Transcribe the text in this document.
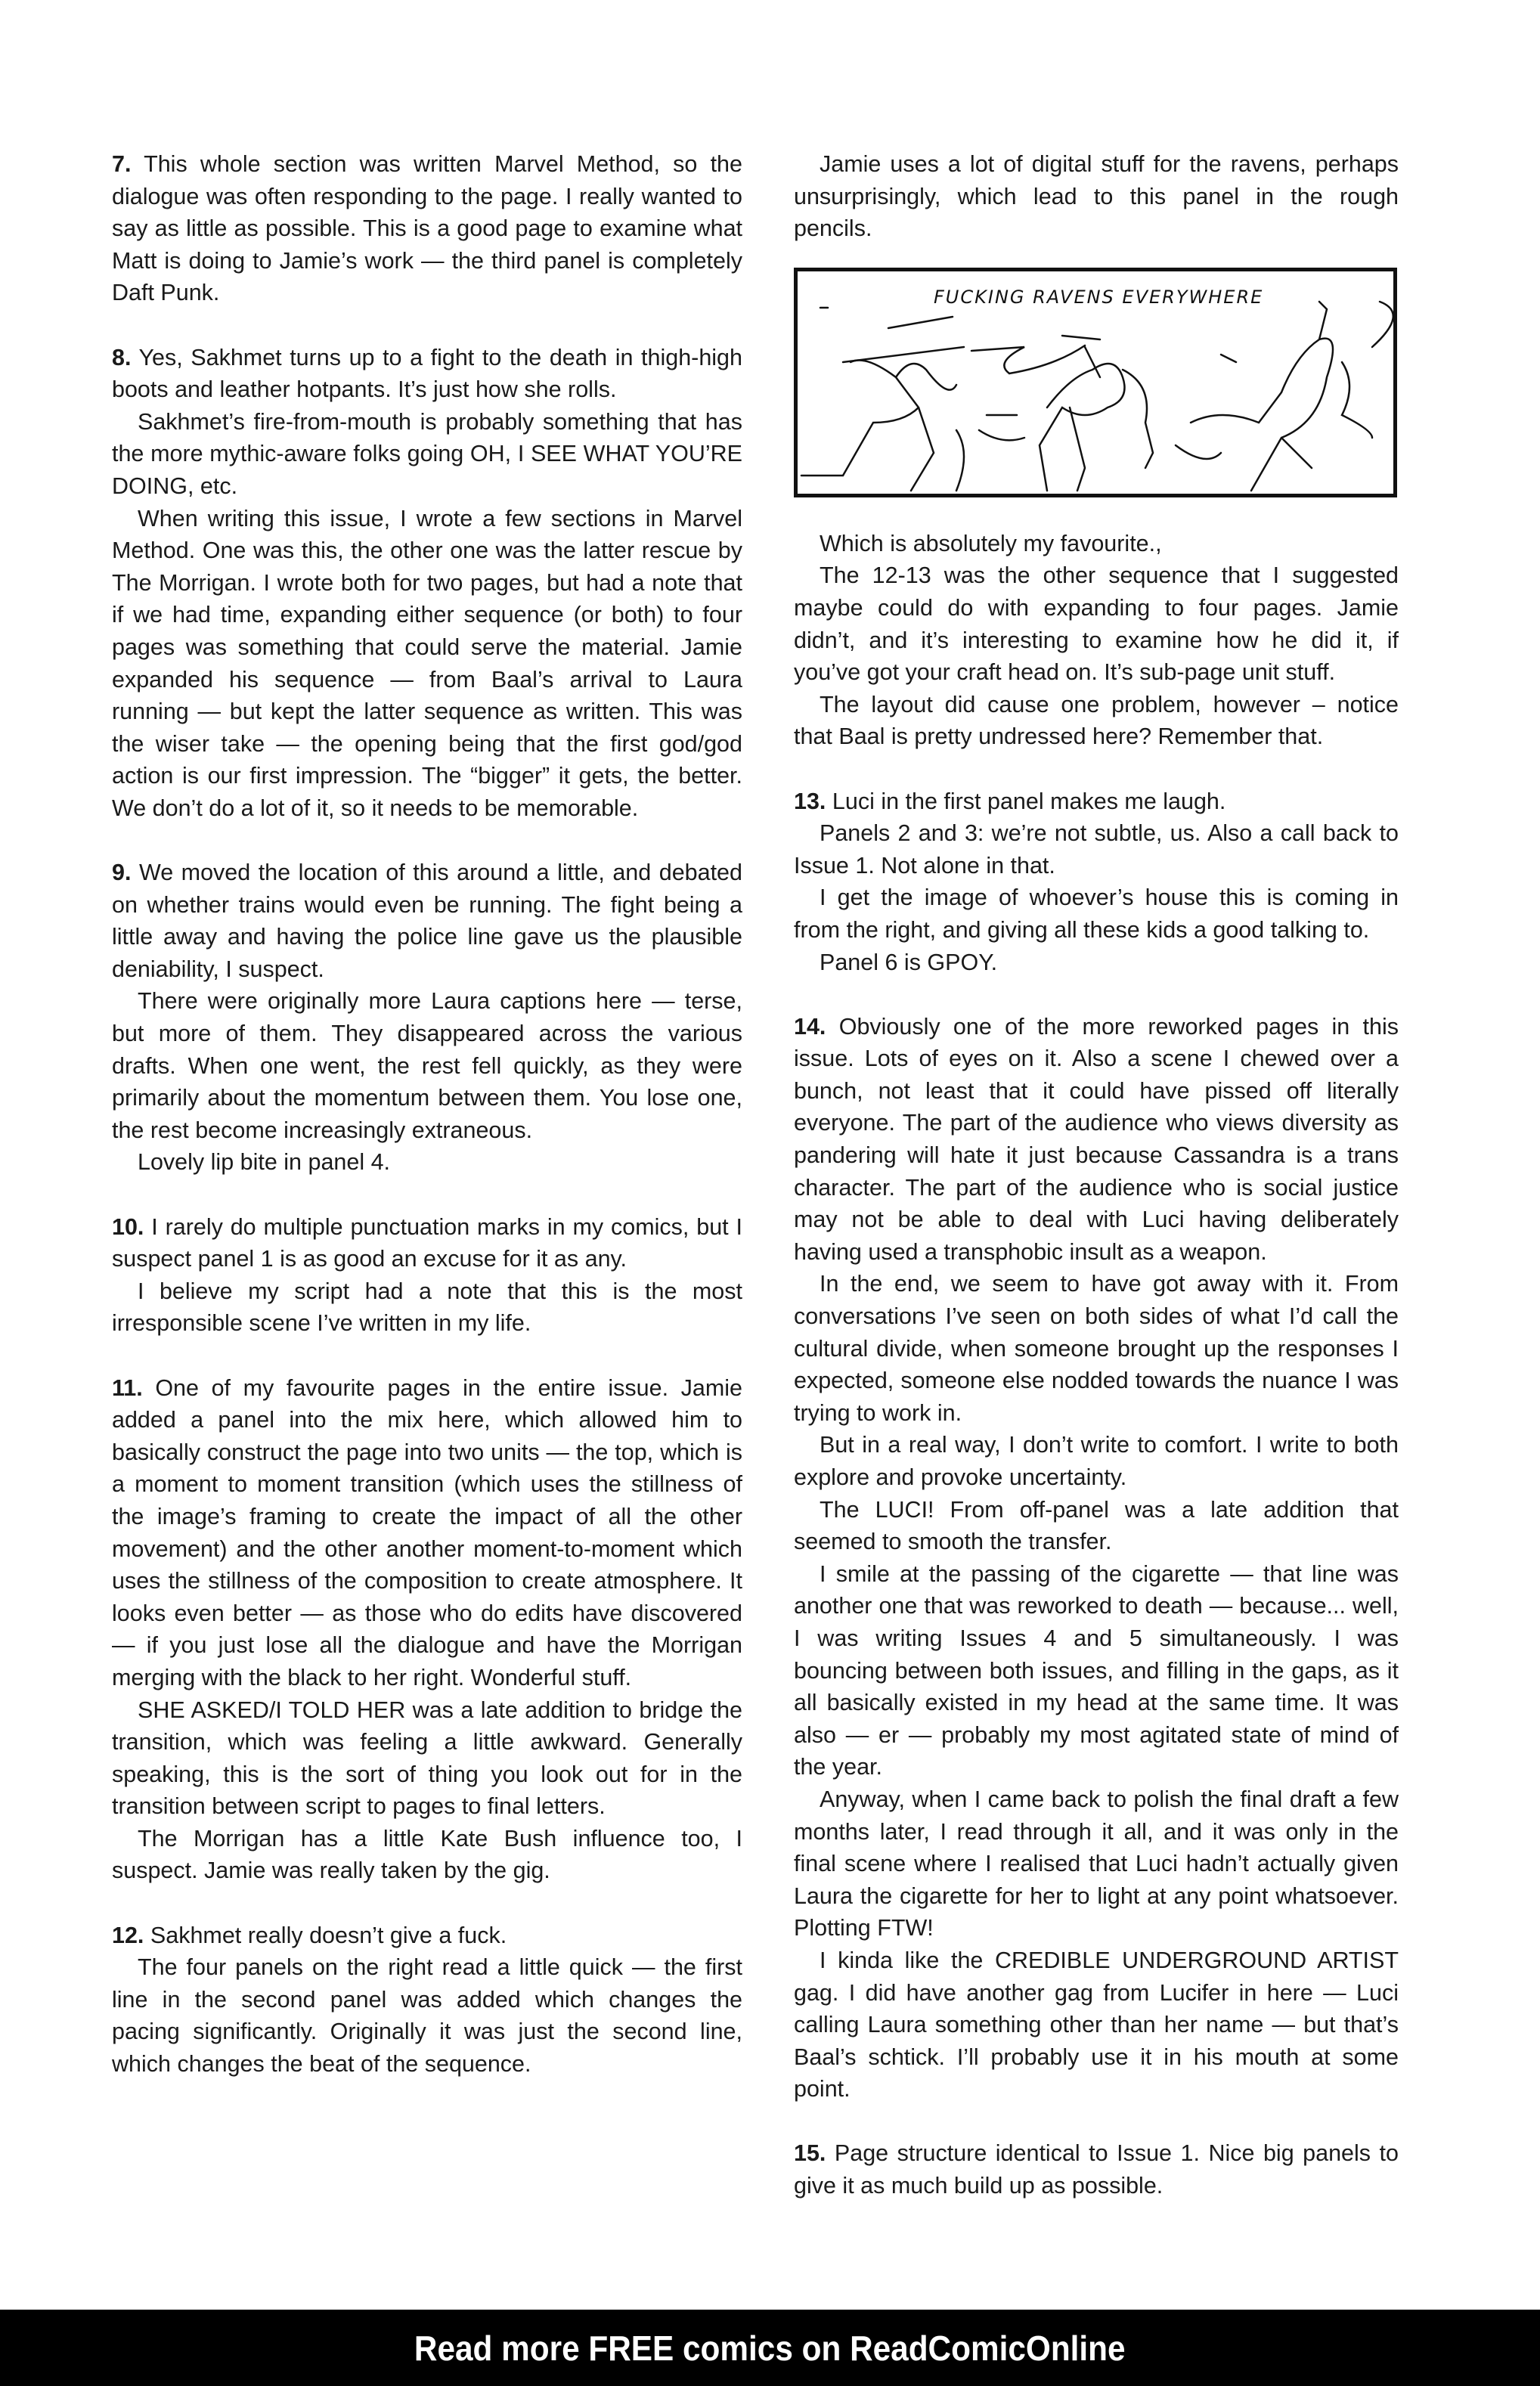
7. This whole section was written Marvel Method, so the dialogue was often responding to the page. I really wanted to say as little as possible. This is a good page to examine what Matt is doing to Jamie’s work — the third panel is completely Daft Punk.

8. Yes, Sakhmet turns up to a fight to the death in thigh-high boots and leather hotpants. It’s just how she rolls.

Sakhmet’s fire-from-mouth is probably something that has the more mythic-aware folks going OH, I SEE WHAT YOU’RE DOING, etc.

When writing this issue, I wrote a few sections in Marvel Method. One was this, the other one was the latter rescue by The Morrigan. I wrote both for two pages, but had a note that if we had time, expanding either sequence (or both) to four pages was something that could serve the material. Jamie expanded his sequence — from Baal’s arrival to Laura running — but kept the latter sequence as written. This was the wiser take — the opening being that the first god/god action is our first impression. The “bigger” it gets, the better. We don’t do a lot of it, so it needs to be memorable.

9. We moved the location of this around a little, and debated on whether trains would even be running. The fight being a little away and having the police line gave us the plausible deniability, I suspect.

There were originally more Laura captions here — terse, but more of them. They disappeared across the various drafts. When one went, the rest fell quickly, as they were primarily about the momentum between them. You lose one, the rest become increasingly extraneous.

Lovely lip bite in panel 4.

10. I rarely do multiple punctuation marks in my comics, but I suspect panel 1 is as good an excuse for it as any.

I believe my script had a note that this is the most irresponsible scene I’ve written in my life.

11. One of my favourite pages in the entire issue. Jamie added a panel into the mix here, which allowed him to basically construct the page into two units — the top, which is a moment to moment transition (which uses the stillness of the image’s framing to create the impact of all the other movement) and the other another moment-to-moment which uses the stillness of the composition to create atmosphere. It looks even better — as those who do edits have discovered — if you just lose all the dialogue and have the Morrigan merging with the black to her right. Wonderful stuff.

SHE ASKED/I TOLD HER was a late addition to bridge the transition, which was feeling a little awkward. Generally speaking, this is the sort of thing you look out for in the transition between script to pages to final letters.

The Morrigan has a little Kate Bush influence too, I suspect. Jamie was really taken by the gig.

12. Sakhmet really doesn’t give a fuck.

The four panels on the right read a little quick — the first line in the second panel was added which changes the pacing significantly. Originally it was just the second line, which changes the beat of the sequence.

Jamie uses a lot of digital stuff for the ravens, perhaps unsurprisingly, which lead to this panel in the rough pencils.

FUCKING RAVENS EVERYWHERE

Which is absolutely my favourite.,

The 12-13 was the other sequence that I suggested maybe could do with expanding to four pages. Jamie didn’t, and it’s interesting to examine how he did it, if you’ve got your craft head on. It’s sub-page unit stuff.

The layout did cause one problem, however – notice that Baal is pretty undressed here? Remember that.

13. Luci in the first panel makes me laugh.

Panels 2 and 3: we’re not subtle, us. Also a call back to Issue 1. Not alone in that.

I get the image of whoever’s house this is coming in from the right, and giving all these kids a good talking to.

Panel 6 is GPOY.

14. Obviously one of the more reworked pages in this issue. Lots of eyes on it. Also a scene I chewed over a bunch, not least that it could have pissed off literally everyone. The part of the audience who views diversity as pandering will hate it just because Cassandra is a trans character. The part of the audience who is social justice may not be able to deal with Luci having deliberately having used a transphobic insult as a weapon.

In the end, we seem to have got away with it. From conversations I’ve seen on both sides of what I’d call the cultural divide, when someone brought up the responses I expected, someone else nodded towards the nuance I was trying to work in.

But in a real way, I don’t write to comfort. I write to both explore and provoke uncertainty.

The LUCI! From off-panel was a late addition that seemed to smooth the transfer.

I smile at the passing of the cigarette — that line was another one that was reworked to death — because... well, I was writing Issues 4 and 5 simultaneously. I was bouncing between both issues, and filling in the gaps, as it all basically existed in my head at the same time. It was also — er — probably my most agitated state of mind of the year.

Anyway, when I came back to polish the final draft a few months later, I read through it all, and it was only in the final scene where I realised that Luci hadn’t actually given Laura the cigarette for her to light at any point whatsoever. Plotting FTW!

I kinda like the CREDIBLE UNDERGROUND ARTIST gag. I did have another gag from Lucifer in here — Luci calling Laura something other than her name — but that’s Baal’s schtick. I’ll probably use it in his mouth at some point.

15. Page structure identical to Issue 1. Nice big panels to give it as much build up as possible.

Read more FREE comics on ReadComicOnline
